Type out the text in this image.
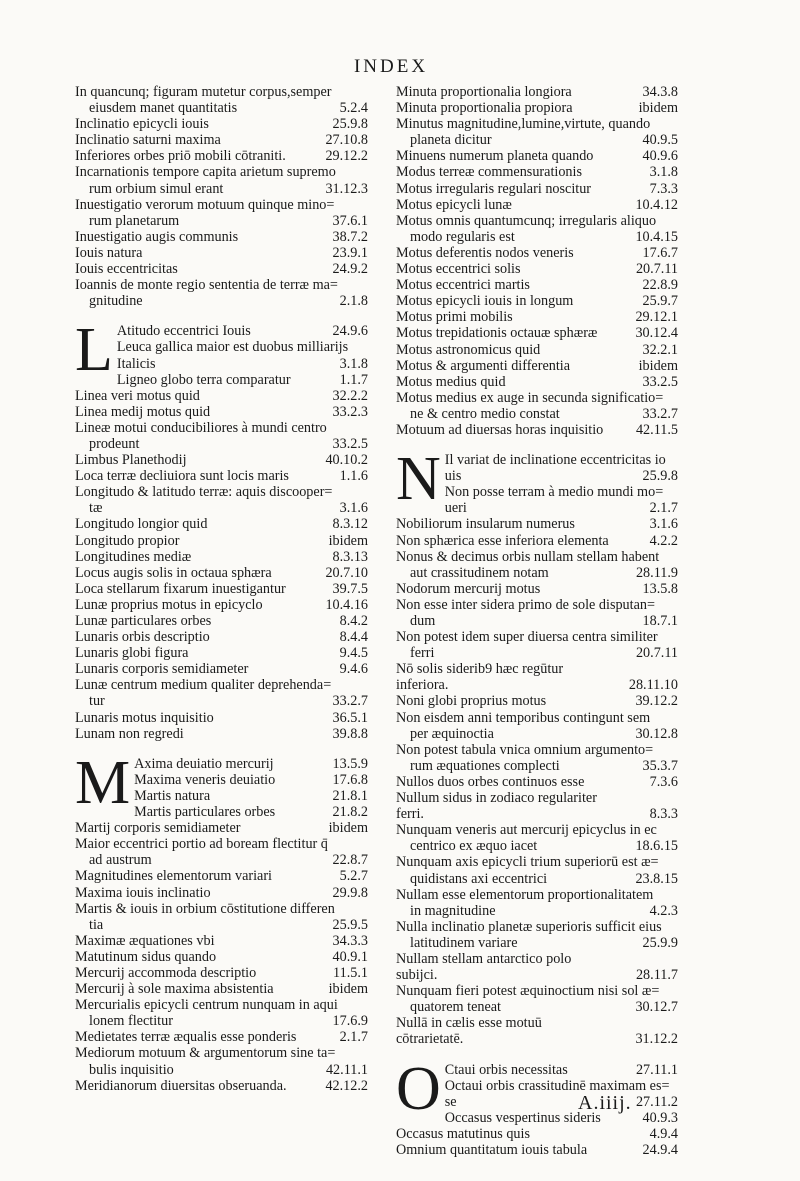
INDEX
In quancunq; figuram mutetur corpus,semper
eiusdem manet quantitatis	5.2.4
Inclinatio epicycli iouis	25.9.8
Inclinatio saturni maxima	27.10.8
Inferiores orbes priō mobili cōtraniti.	29.12.2
Incarnationis tempore capita arietum supremo
rum orbium simul erant	31.12.3
Inuestigatio verorum motuum quinque mino=
rum planetarum	37.6.1
Inuestigatio augis communis	38.7.2
Iouis natura	23.9.1
Iouis eccentricitas	24.9.2
Ioannis de monte regio sententia de terræ ma=
gnitudine	2.1.8
L Atitudo eccentrici Iouis	24.9.6
Leuca gallica maior est duobus milliarijs
Italicis	3.1.8
Ligneo globo terra comparatur	1.1.7
Linea veri motus quid	32.2.2
Linea medij motus quid	33.2.3
Lineæ motui conducibiliores à mundi centro
prodeunt	33.2.5
Limbus Planethodij	40.10.2
Loca terræ decliuiora sunt locis maris	1.1.6
Longitudo & latitudo terræ: aquis discooper=
tæ	3.1.6
Longitudo longior quid	8.3.12
Longitudo propior	ibidem
Longitudines mediæ	8.3.13
Locus augis solis in octaua sphæra	20.7.10
Loca stellarum fixarum inuestigantur	39.7.5
Lunæ proprius motus in epicyclo	10.4.16
Lunæ particulares orbes	8.4.2
Lunaris orbis descriptio	8.4.4
Lunaris globi figura	9.4.5
Lunaris corporis semidiameter	9.4.6
Lunæ centrum medium qualiter deprehenda=
tur	33.2.7
Lunaris motus inquisitio	36.5.1
Lunam non regredi	39.8.8
M Axima deuiatio mercurij	13.5.9
Maxima veneris deuiatio	17.6.8
Martis natura	21.8.1
Martis particulares orbes	21.8.2
Martij corporis semidiameter	ibidem
Maior eccentrici portio ad boream flectitur q̄
ad austrum	22.8.7
Magnitudines elementorum variari	5.2.7
Maxima iouis inclinatio	29.9.8
Martis & iouis in orbium cōstitutione differen
tia	25.9.5
Maximæ æquationes vbi	34.3.3
Matutinum sidus quando	40.9.1
Mercurij accommoda descriptio	11.5.1
Mercurij à sole maxima absistentia	ibidem
Mercurialis epicycli centrum nunquam in aqui
lonem flectitur	17.6.9
Medietates terræ æqualis esse ponderis	2.1.7
Mediorum motuum & argumentorum sine ta=
bulis inquisitio	42.11.1
Meridianorum diuersitas obseruanda.	42.12.2
Minuta proportionalia longiora	34.3.8
Minuta proportionalia propiora	ibidem
Minutus magnitudine,lumine,virtute, quando
planeta dicitur	40.9.5
Minuens numerum planeta quando	40.9.6
Modus terreæ commensurationis	3.1.8
Motus irregularis regulari noscitur	7.3.3
Motus epicycli lunæ	10.4.12
Motus omnis quantumcunq; irregularis aliquo
modo regularis est	10.4.15
Motus deferentis nodos veneris	17.6.7
Motus eccentrici solis	20.7.11
Motus eccentrici martis	22.8.9
Motus epicycli iouis in longum	25.9.7
Motus primi mobilis	29.12.1
Motus trepidationis octauæ sphæræ	30.12.4
Motus astronomicus quid	32.2.1
Motus & argumenti differentia	ibidem
Motus medius quid	33.2.5
Motus medius ex auge in secunda significatio=
ne & centro medio constat	33.2.7
Motuum ad diuersas horas inquisitio	42.11.5
N Il variat de inclinatione eccentricitas io
uis	25.9.8
Non posse terram à medio mundi mo=
ueri	2.1.7
Nobiliorum insularum numerus	3.1.6
Non sphærica esse inferiora elementa	4.2.2
Nonus & decimus orbis nullam stellam habent
aut crassitudinem notam	28.11.9
Nodorum mercurij motus	13.5.8
Non esse inter sidera primo de sole disputan=
dum	18.7.1
Non potest idem super diuersa centra similiter
ferri	20.7.11
Nō solis siderib9 hæc regūtur inferiora.	28.11.10
Noni globi proprius motus	39.12.2
Non eisdem anni temporibus contingunt sem
per æquinoctia	30.12.8
Non potest tabula vnica omnium argumento=
rum æquationes complecti	35.3.7
Nullos duos orbes continuos esse	7.3.6
Nullum sidus in zodiaco regulariter ferri.	8.3.3
Nunquam veneris aut mercurij epicyclus in ec
centrico ex æquo iacet	18.6.15
Nunquam axis epicycli trium superiorū est æ=
quidistans axi eccentrici	23.8.15
Nullam esse elementorum proportionalitatem
in magnitudine	4.2.3
Nulla inclinatio planetæ superioris sufficit eius
latitudinem variare	25.9.9
Nullam stellam antarctico polo subijci.	28.11.7
Nunquam fieri potest æquinoctium nisi sol æ=
quatorem teneat	30.12.7
Nullā in cælis esse motuū cōtrarietatē.	31.12.2
O Ctaui orbis necessitas	27.11.1
Octaui orbis crassitudinē maximam es=
se	27.11.2
Occasus vespertinus sideris	40.9.3
Occasus matutinus quis	4.9.4
Omnium quantitatum iouis tabula	24.9.4
A.iiij.
